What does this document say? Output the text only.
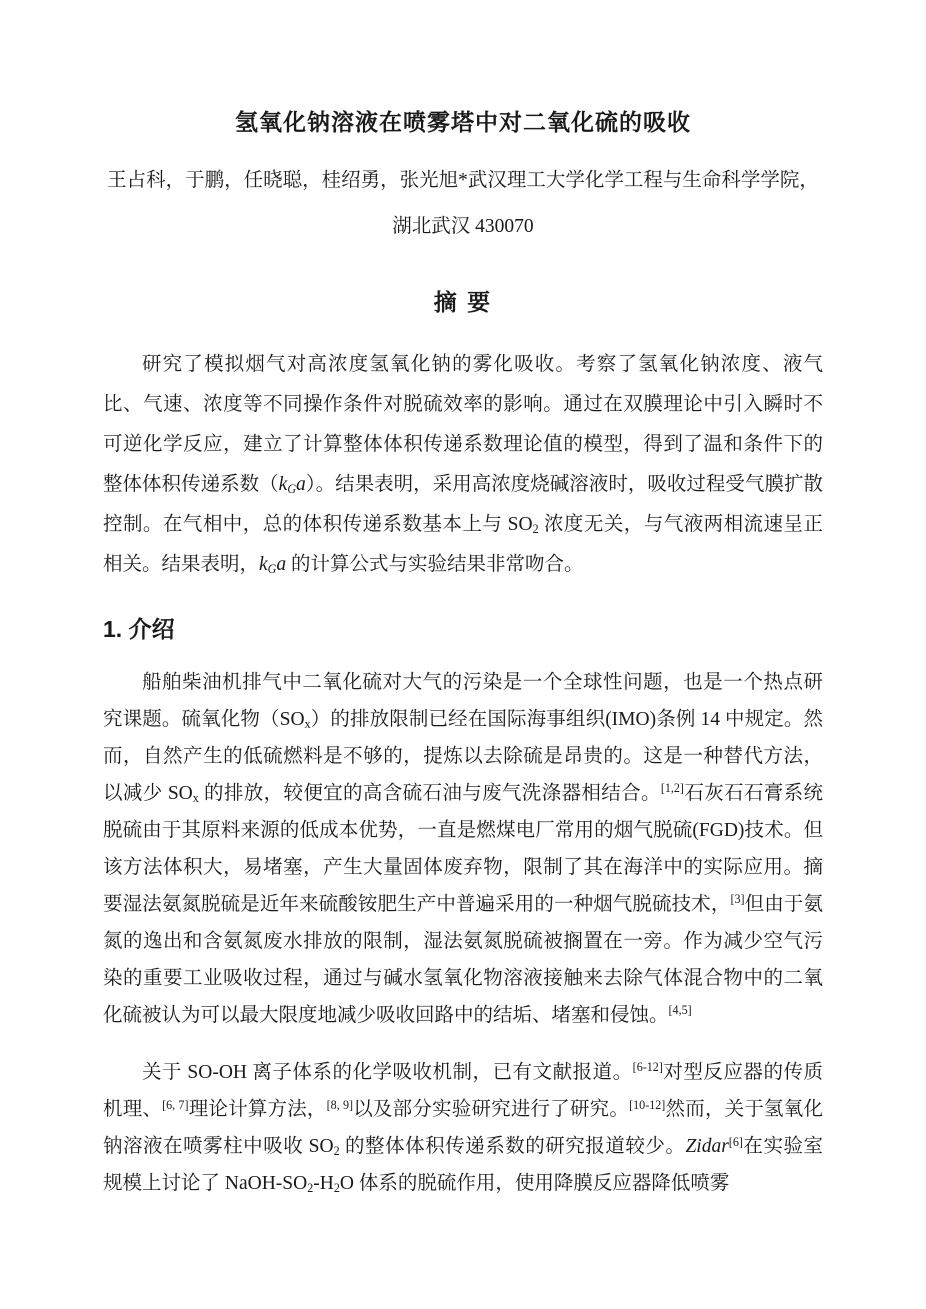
氢氧化钠溶液在喷雾塔中对二氧化硫的吸收

王占科，于鹏，任晓聪，桂绍勇，张光旭*武汉理工大学化学工程与生命科学学院，湖北武汉 430070

摘 要

研究了模拟烟气对高浓度氢氧化钠的雾化吸收。考察了氢氧化钠浓度、液气比、气速、浓度等不同操作条件对脱硫效率的影响。通过在双膜理论中引入瞬时不可逆化学反应，建立了计算整体体积传递系数理论值的模型，得到了温和条件下的整体体积传递系数$(k_Ga)$。结果表明，采用高浓度烧碱溶液时，吸收过程受气膜扩散控制。在气相中，总的体积传递系数基本上与 $SO_2$ 浓度无关，与气液两相流速呈正相关。结果表明，$k_Ga$ 的计算公式与实验结果非常吻合。

1. 介绍

船舶柴油机排气中二氧化硫对大气的污染是一个全球性问题，也是一个热点研究课题。硫氧化物$(SO_x)$的排放限制已经在国际海事组织(IMO)条例 14 中规定。然而，自然产生的低硫燃料是不够的，提炼以去除硫是昂贵的。这是一种替代方法，以减少 $SO_x$ 的排放，较便宜的高含硫石油与废气洗涤器相结合。[1,2]石灰石石膏系统脱硫由于其原料来源的低成本优势，一直是燃煤电厂常用的烟气脱硫(FGD)技术。但该方法体积大，易堵塞，产生大量固体废弃物，限制了其在海洋中的实际应用。摘要湿法氨氮脱硫是近年来硫酸铵肥生产中普遍采用的一种烟气脱硫技术，[3]但由于氨氮的逸出和含氨氮废水排放的限制，湿法氨氮脱硫被搁置在一旁。作为减少空气污染的重要工业吸收过程，通过与碱水氢氧化物溶液接触来去除气体混合物中的二氧化硫被认为可以最大限度地减少吸收回路中的结垢、堵塞和侵蚀。[4,5]

关于 SO-OH 离子体系的化学吸收机制，已有文献报道。[6-12]对型反应器的传质机理、[6, 7]理论计算方法，[8, 9]以及部分实验研究进行了研究。[10-12]然而，关于氢氧化钠溶液在喷雾柱中吸收 $SO_2$ 的整体体积传递系数的研究报道较少。Zidar[6]在实验室规模上讨论了 NaOH-$SO_2-H_2O$ 体系的脱硫作用，使用降膜反应器降低喷雾
